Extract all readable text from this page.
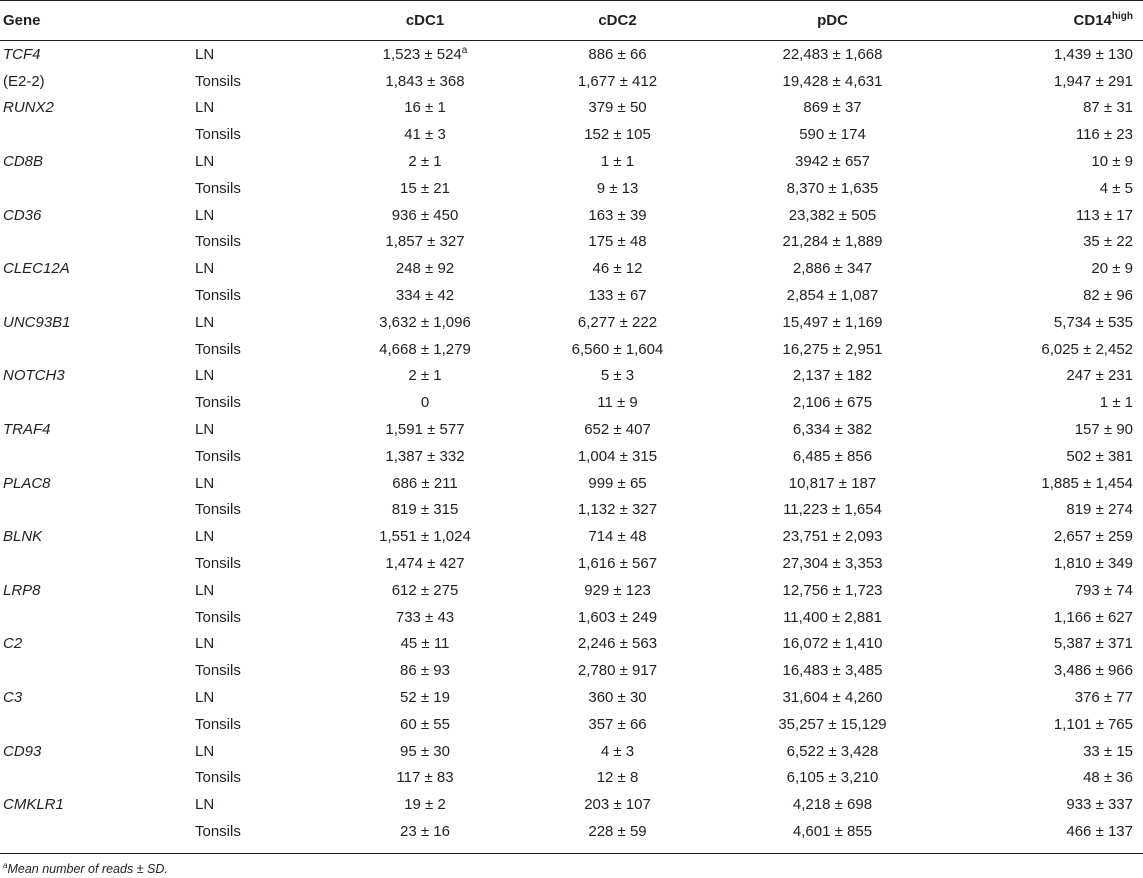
Gene		cDC1	cDC2	pDC	$CD14^{high}$
TCF4	LN	$1,523 \pm 524^a$	886 ± 66	22,483 ± 1,668	1,439 ± 130
(E2-2)	Tonsils	1,843 ± 368	1,677 ± 412	19,428 ± 4,631	1,947 ± 291
RUNX2	LN	16 ± 1	379 ± 50	869 ± 37	87 ± 31
	Tonsils	41 ± 3	152 ± 105	590 ± 174	116 ± 23
CD8B	LN	2 ± 1	1 ± 1	3942 ± 657	10 ± 9
	Tonsils	15 ± 21	9 ± 13	8,370 ± 1,635	4 ± 5
CD36	LN	936 ± 450	163 ± 39	23,382 ± 505	113 ± 17
	Tonsils	1,857 ± 327	175 ± 48	21,284 ± 1,889	35 ± 22
CLEC12A	LN	248 ± 92	46 ± 12	2,886 ± 347	20 ± 9
	Tonsils	334 ± 42	133 ± 67	2,854 ± 1,087	82 ± 96
UNC93B1	LN	3,632 ± 1,096	6,277 ± 222	15,497 ± 1,169	5,734 ± 535
	Tonsils	4,668 ± 1,279	6,560 ± 1,604	16,275 ± 2,951	6,025 ± 2,452
NOTCH3	LN	2 ± 1	5 ± 3	2,137 ± 182	247 ± 231
	Tonsils	0	11 ± 9	2,106 ± 675	1 ± 1
TRAF4	LN	1,591 ± 577	652 ± 407	6,334 ± 382	157 ± 90
	Tonsils	1,387 ± 332	1,004 ± 315	6,485 ± 856	502 ± 381
PLAC8	LN	686 ± 211	999 ± 65	10,817 ± 187	1,885 ± 1,454
	Tonsils	819 ± 315	1,132 ± 327	11,223 ± 1,654	819 ± 274
BLNK	LN	1,551 ± 1,024	714 ± 48	23,751 ± 2,093	2,657 ± 259
	Tonsils	1,474 ± 427	1,616 ± 567	27,304 ± 3,353	1,810 ± 349
LRP8	LN	612 ± 275	929 ± 123	12,756 ± 1,723	793 ± 74
	Tonsils	733 ± 43	1,603 ± 249	11,400 ± 2,881	1,166 ± 627
C2	LN	45 ± 11	2,246 ± 563	16,072 ± 1,410	5,387 ± 371
	Tonsils	86 ± 93	2,780 ± 917	16,483 ± 3,485	3,486 ± 966
C3	LN	52 ± 19	360 ± 30	31,604 ± 4,260	376 ± 77
	Tonsils	60 ± 55	357 ± 66	35,257 ± 15,129	1,101 ± 765
CD93	LN	95 ± 30	4 ± 3	6,522 ± 3,428	33 ± 15
	Tonsils	117 ± 83	12 ± 8	6,105 ± 3,210	48 ± 36
CMKLR1	LN	19 ± 2	203 ± 107	4,218 ± 698	933 ± 337
	Tonsils	23 ± 16	228 ± 59	4,601 ± 855	466 ± 137
$^a$Mean number of reads ± SD.
